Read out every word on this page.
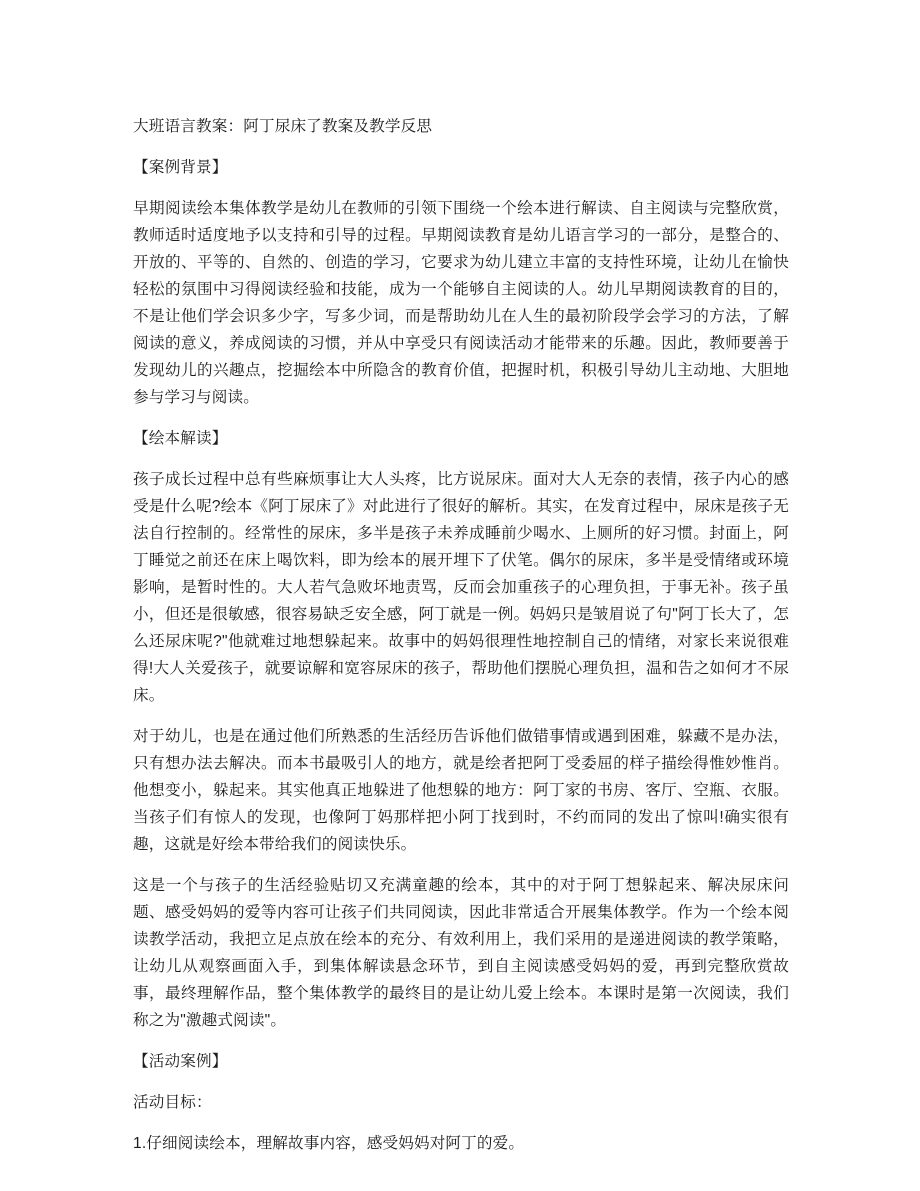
大班语言教案：阿丁尿床了教案及教学反思
【案例背景】

早期阅读绘本集体教学是幼儿在教师的引领下围绕一个绘本进行解读、自主阅读与完整欣赏，教师适时适度地予以支持和引导的过程。早期阅读教育是幼儿语言学习的一部分，是整合的、开放的、平等的、自然的、创造的学习，它要求为幼儿建立丰富的支持性环境，让幼儿在愉快轻松的氛围中习得阅读经验和技能，成为一个能够自主阅读的人。幼儿早期阅读教育的目的，不是让他们学会识多少字，写多少词，而是帮助幼儿在人生的最初阶段学会学习的方法，了解阅读的意义，养成阅读的习惯，并从中享受只有阅读活动才能带来的乐趣。因此，教师要善于发现幼儿的兴趣点，挖掘绘本中所隐含的教育价值，把握时机，积极引导幼儿主动地、大胆地参与学习与阅读。

【绘本解读】

孩子成长过程中总有些麻烦事让大人头疼，比方说尿床。面对大人无奈的表情，孩子内心的感受是什么呢?绘本《阿丁尿床了》对此进行了很好的解析。其实，在发育过程中，尿床是孩子无法自行控制的。经常性的尿床，多半是孩子未养成睡前少喝水、上厕所的好习惯。封面上，阿丁睡觉之前还在床上喝饮料，即为绘本的展开埋下了伏笔。偶尔的尿床，多半是受情绪或环境影响，是暂时性的。大人若气急败坏地责骂，反而会加重孩子的心理负担，于事无补。孩子虽小，但还是很敏感，很容易缺乏安全感，阿丁就是一例。妈妈只是皱眉说了句"阿丁长大了，怎么还尿床呢?"他就难过地想躲起来。故事中的妈妈很理性地控制自己的情绪，对家长来说很难得!大人关爱孩子，就要谅解和宽容尿床的孩子，帮助他们摆脱心理负担，温和告之如何才不尿床。

对于幼儿，也是在通过他们所熟悉的生活经历告诉他们做错事情或遇到困难，躲藏不是办法，只有想办法去解决。而本书最吸引人的地方，就是绘者把阿丁受委屈的样子描绘得惟妙惟肖。他想变小，躲起来。其实他真正地躲进了他想躲的地方：阿丁家的书房、客厅、空瓶、衣服。当孩子们有惊人的发现，也像阿丁妈那样把小阿丁找到时，不约而同的发出了惊叫!确实很有趣，这就是好绘本带给我们的阅读快乐。

这是一个与孩子的生活经验贴切又充满童趣的绘本，其中的对于阿丁想躲起来、解决尿床问题、感受妈妈的爱等内容可让孩子们共同阅读，因此非常适合开展集体教学。作为一个绘本阅读教学活动，我把立足点放在绘本的充分、有效利用上，我们采用的是递进阅读的教学策略，让幼儿从观察画面入手，到集体解读悬念环节，到自主阅读感受妈妈的爱，再到完整欣赏故事，最终理解作品，整个集体教学的最终目的是让幼儿爱上绘本。本课时是第一次阅读，我们称之为"激趣式阅读"。

【活动案例】
活动目标：
1.仔细阅读绘本，理解故事内容，感受妈妈对阿丁的爱。
